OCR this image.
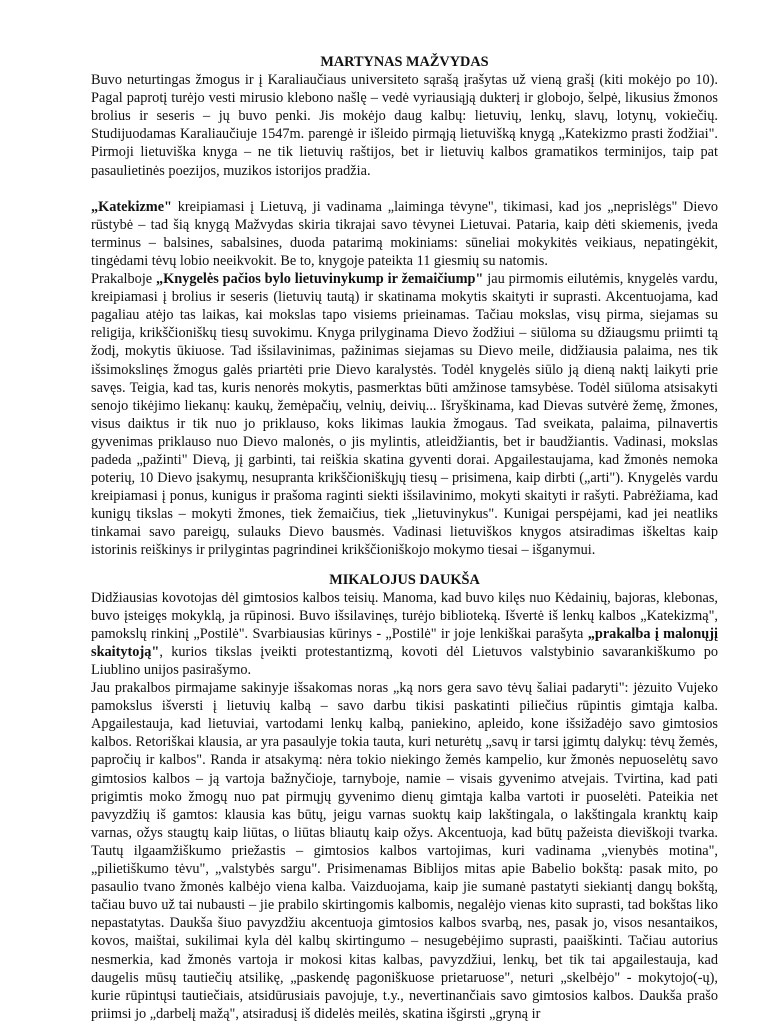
MARTYNAS MAŽVYDAS

Buvo neturtingas žmogus ir į Karaliaučiaus universiteto sąrašą įrašytas už vieną grašį (kiti mokėjo po 10). Pagal paprotį turėjo vesti mirusio klebono našlę – vedė vyriausiąją dukterį ir globojo, šelpė, likusius žmonos brolius ir seseris – jų buvo penki. Jis mokėjo daug kalbų: lietuvių, lenkų, slavų, lotynų, vokiečių. Studijuodamas Karaliaučiuje 1547m. parengė ir išleido pirmąją lietuvišką knygą „Katekizmo prasti žodžiai". Pirmoji lietuviška knyga – ne tik lietuvių raštijos, bet ir lietuvių kalbos gramatikos terminijos, taip pat pasaulietinės poezijos, muzikos istorijos pradžia.

„Katekizme" kreipiamasi į Lietuvą, ji vadinama „laiminga tėvyne", tikimasi, kad jos „neprislėgs" Dievo rūstybė – tad šią knygą Mažvydas skiria tikrajai savo tėvynei Lietuvai. Pataria, kaip dėti skiemenis, įveda terminus – balsines, sabalsines, duoda patarimą mokiniams: sūneliai mokykitės veikiaus, nepatingėkit, tingėdami tėvų lobio neeikvokit. Be to, knygoje pateikta 11 giesmių su natomis.

Prakalboje „Knygelės pačios bylo lietuvinykump ir žemaičiump" jau pirmomis eilutėmis, knygelės vardu, kreipiamasi į brolius ir seseris (lietuvių tautą) ir skatinama mokytis skaityti ir suprasti. Akcentuojama, kad pagaliau atėjo tas laikas, kai mokslas tapo visiems prieinamas. Tačiau mokslas, visų pirma, siejamas su religija, krikščioniškų tiesų suvokimu. Knyga prilyginama Dievo žodžiui – siūloma su džiaugsmu priimti tą žodį, mokytis ūkiuose. Tad išsilavinimas, pažinimas siejamas su Dievo meile, didžiausia palaima, nes tik išsimokslinęs žmogus galės priartėti prie Dievo karalystės. Todėl knygelės siūlo ją dieną naktį laikyti prie savęs. Teigia, kad tas, kuris nenorės mokytis, pasmerktas būti amžinose tamsybėse. Todėl siūloma atsisakyti senojo tikėjimo liekanų: kaukų, žemėpačių, velnių, deivių... Išryškinama, kad Dievas sutvėrė žemę, žmones, visus daiktus ir tik nuo jo priklauso, koks likimas laukia žmogaus. Tad sveikata, palaima, pilnavertis gyvenimas priklauso nuo Dievo malonės, o jis mylintis, atleidžiantis, bet ir baudžiantis. Vadinasi, mokslas padeda „pažinti" Dievą, jį garbinti, tai reiškia skatina gyventi dorai. Apgailestaujama, kad žmonės nemoka poterių, 10 Dievo įsakymų, nesupranta krikščioniškųjų tiesų – prisimena, kaip dirbti („arti"). Knygelės vardu kreipiamasi į ponus, kunigus ir prašoma raginti siekti išsilavinimo, mokyti skaityti ir rašyti. Pabrėžiama, kad kunigų tikslas – mokyti žmones, tiek žemaičius, tiek „lietuvinykus". Kunigai perspėjami, kad jei neatliks tinkamai savo pareigų, sulauks Dievo bausmės. Vadinasi lietuviškos knygos atsiradimas iškeltas kaip istorinis reiškinys ir prilygintas pagrindinei krikščioniškojo mokymo tiesai – išganymui.

MIKALOJUS DAUKŠA

Didžiausias kovotojas dėl gimtosios kalbos teisių. Manoma, kad buvo kilęs nuo Kėdainių, bajoras, klebonas, buvo įsteigęs mokyklą, ja rūpinosi. Buvo išsilavinęs, turėjo biblioteką. Išvertė iš lenkų kalbos „Katekizmą", pamokslų rinkinį „Postilė". Svarbiausias kūrinys - „Postilė" ir joje lenkiškai parašyta „prakalba į malonųjį skaitytoją", kurios tikslas įveikti protestantizmą, kovoti dėl Lietuvos valstybinio savarankiškumo po Liublino unijos pasirašymo.

Jau prakalbos pirmajame sakinyje išsakomas noras „ką nors gera savo tėvų šaliai padaryti": jėzuito Vujeko pamokslus išversti į lietuvių kalbą – savo darbu tikisi paskatinti piliečius rūpintis gimtąja kalba. Apgailestauja, kad lietuviai, vartodami lenkų kalbą, paniekino, apleido, kone išsižadėjo savo gimtosios kalbos. Retoriškai klausia, ar yra pasaulyje tokia tauta, kuri neturėtų „savų ir tarsi įgimtų dalykų: tėvų žemės, papročių ir kalbos". Randa ir atsakymą: nėra tokio niekingo žemės kampelio, kur žmonės nepuoselėtų savo gimtosios kalbos – ją vartoja bažnyčioje, tarnyboje, namie – visais gyvenimo atvejais. Tvirtina, kad pati prigimtis moko žmogų nuo pat pirmųjų gyvenimo dienų gimtąja kalba vartoti ir puoselėti. Pateikia net pavyzdžių iš gamtos: klausia kas būtų, jeigu varnas suoktų kaip lakštingala, o lakštingala kranktų kaip varnas, ožys staugtų kaip liūtas, o liūtas bliautų kaip ožys. Akcentuoja, kad būtų pažeista dieviškoji tvarka. Tautų ilgaamžiškumo priežastis – gimtosios kalbos vartojimas, kuri vadinama „vienybės motina", „pilietiškumo tėvu", „valstybės sargu". Prisimenamas Biblijos mitas apie Babelio bokštą: pasak mito, po pasaulio tvano žmonės kalbėjo viena kalba. Vaizduojama, kaip jie sumanė pastatyti siekiantį dangų bokštą, tačiau buvo už tai nubausti – jie prabilo skirtingomis kalbomis, negalėjo vienas kito suprasti, tad bokštas liko nepastatytas. Daukša šiuo pavyzdžiu akcentuoja gimtosios kalbos svarbą, nes, pasak jo, visos nesantaikos, kovos, maištai, sukilimai kyla dėl kalbų skirtingumo – nesugebėjimo suprasti, paaiškinti. Tačiau autorius nesmerkia, kad žmonės vartoja ir mokosi kitas kalbas, pavyzdžiui, lenkų, bet tik tai apgailestauja, kad daugelis mūsų tautiečių atsilikę, „paskendę pagoniškuose prietaruose", neturi „skelbėjo" - mokytojo(-ų), kurie rūpintųsi tautiečiais, atsidūrusiais pavojuje, t.y., nevertinančiais savo gimtosios kalbos. Daukša prašo priimsi jo „darbelį mažą", atsiradusį iš didelės meilės, skatina išgirsti „gryną ir
